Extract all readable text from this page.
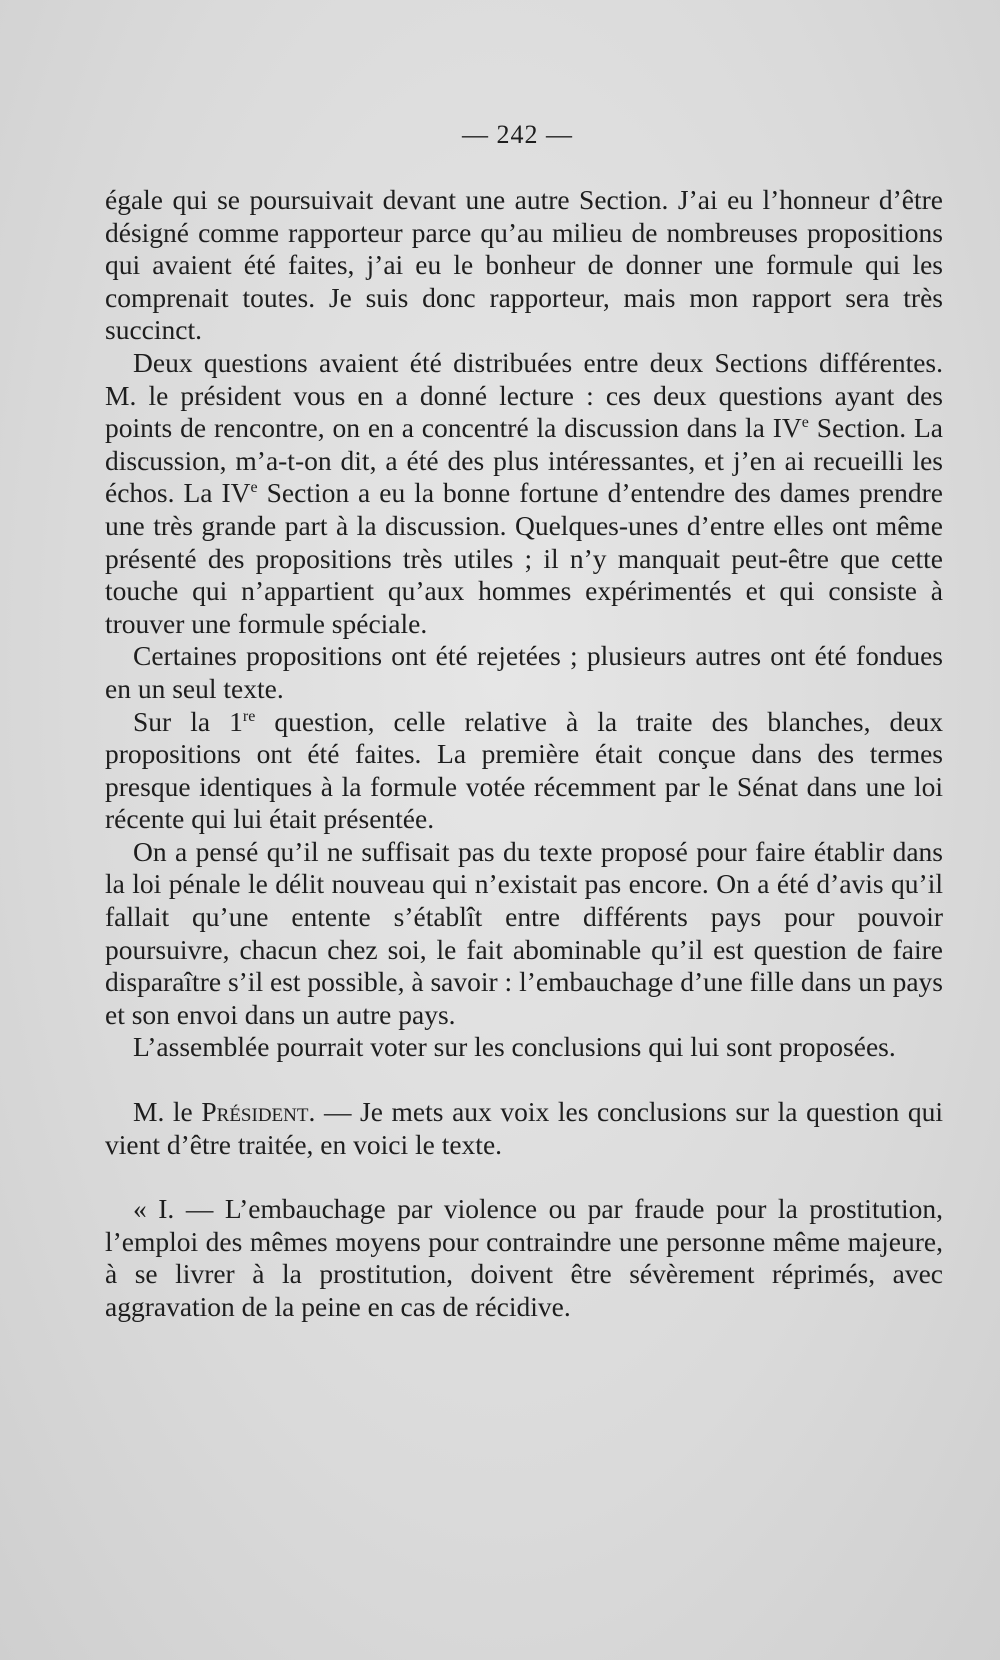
— 242 —

égale qui se poursuivait devant une autre Section. J’ai eu l’honneur d’être désigné comme rapporteur parce qu’au milieu de nombreuses propositions qui avaient été faites, j’ai eu le bonheur de donner une formule qui les comprenait toutes. Je suis donc rapporteur, mais mon rapport sera très succinct.

Deux questions avaient été distribuées entre deux Sections différentes. M. le président vous en a donné lecture : ces deux questions ayant des points de rencontre, on en a concentré la discussion dans la IVe Section. La discussion, m’a-t-on dit, a été des plus intéressantes, et j’en ai recueilli les échos. La IVe Section a eu la bonne fortune d’entendre des dames prendre une très grande part à la discussion. Quelques-unes d’entre elles ont même présenté des propositions très utiles ; il n’y manquait peut-être que cette touche qui n’appartient qu’aux hommes expérimentés et qui consiste à trouver une formule spéciale.

Certaines propositions ont été rejetées ; plusieurs autres ont été fondues en un seul texte.

Sur la 1re question, celle relative à la traite des blanches, deux propositions ont été faites. La première était conçue dans des termes presque identiques à la formule votée récemment par le Sénat dans une loi récente qui lui était présentée.

On a pensé qu’il ne suffisait pas du texte proposé pour faire établir dans la loi pénale le délit nouveau qui n’existait pas encore. On a été d’avis qu’il fallait qu’une entente s’établît entre différents pays pour pouvoir poursuivre, chacun chez soi, le fait abominable qu’il est question de faire disparaître s’il est possible, à savoir : l’embauchage d’une fille dans un pays et son envoi dans un autre pays.

L’assemblée pourrait voter sur les conclusions qui lui sont proposées.

M. le Président. — Je mets aux voix les conclusions sur la question qui vient d’être traitée, en voici le texte.

« I. — L’embauchage par violence ou par fraude pour la prostitution, l’emploi des mêmes moyens pour contraindre une personne même majeure, à se livrer à la prostitution, doivent être sévèrement réprimés, avec aggravation de la peine en cas de récidive.
